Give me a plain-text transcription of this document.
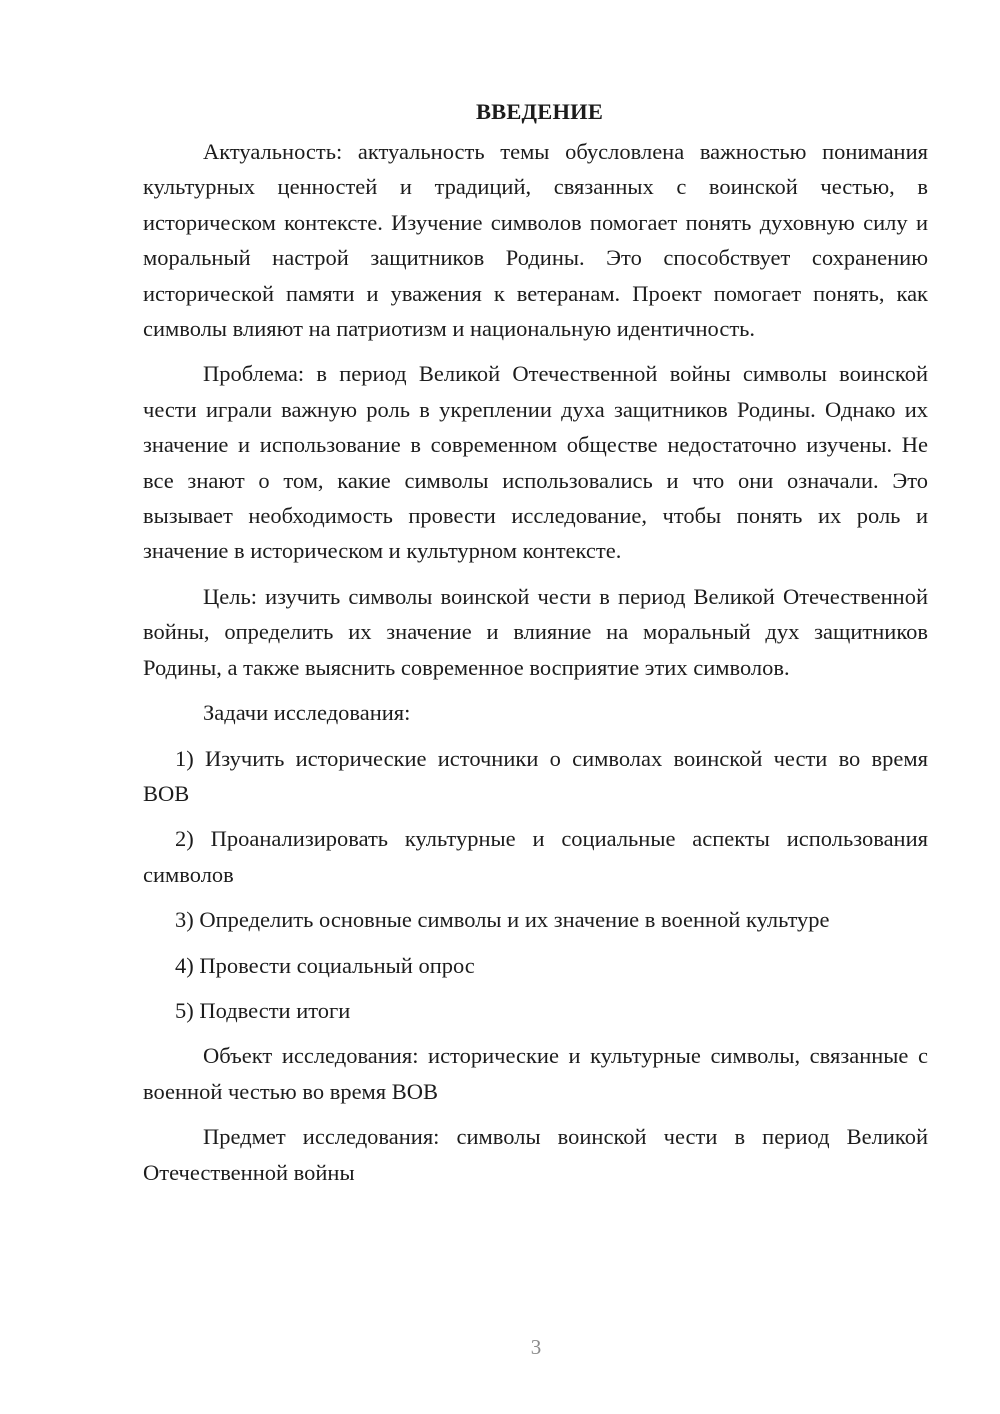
ВВЕДЕНИЕ

Актуальность: актуальность темы обусловлена важностью понимания культурных ценностей и традиций, связанных с воинской честью, в историческом контексте. Изучение символов помогает понять духовную силу и моральный настрой защитников Родины. Это способствует сохранению исторической памяти и уважения к ветеранам. Проект помогает понять, как символы влияют на патриотизм и национальную идентичность.

Проблема: в период Великой Отечественной войны символы воинской чести играли важную роль в укреплении духа защитников Родины. Однако их значение и использование в современном обществе недостаточно изучены. Не все знают о том, какие символы использовались и что они означали. Это вызывает необходимость провести исследование, чтобы понять их роль и значение в историческом и культурном контексте.

Цель: изучить символы воинской чести в период Великой Отечественной войны, определить их значение и влияние на моральный дух защитников Родины, а также выяснить современное восприятие этих символов.

Задачи исследования:

1) Изучить исторические источники о символах воинской чести во время ВОВ

2) Проанализировать культурные и социальные аспекты использования символов

3) Определить основные символы и их значение в военной культуре

4) Провести социальный опрос

5) Подвести итоги

Объект исследования: исторические и культурные символы, связанные с военной честью во время ВОВ

Предмет исследования: символы воинской чести в период Великой Отечественной войны

3
